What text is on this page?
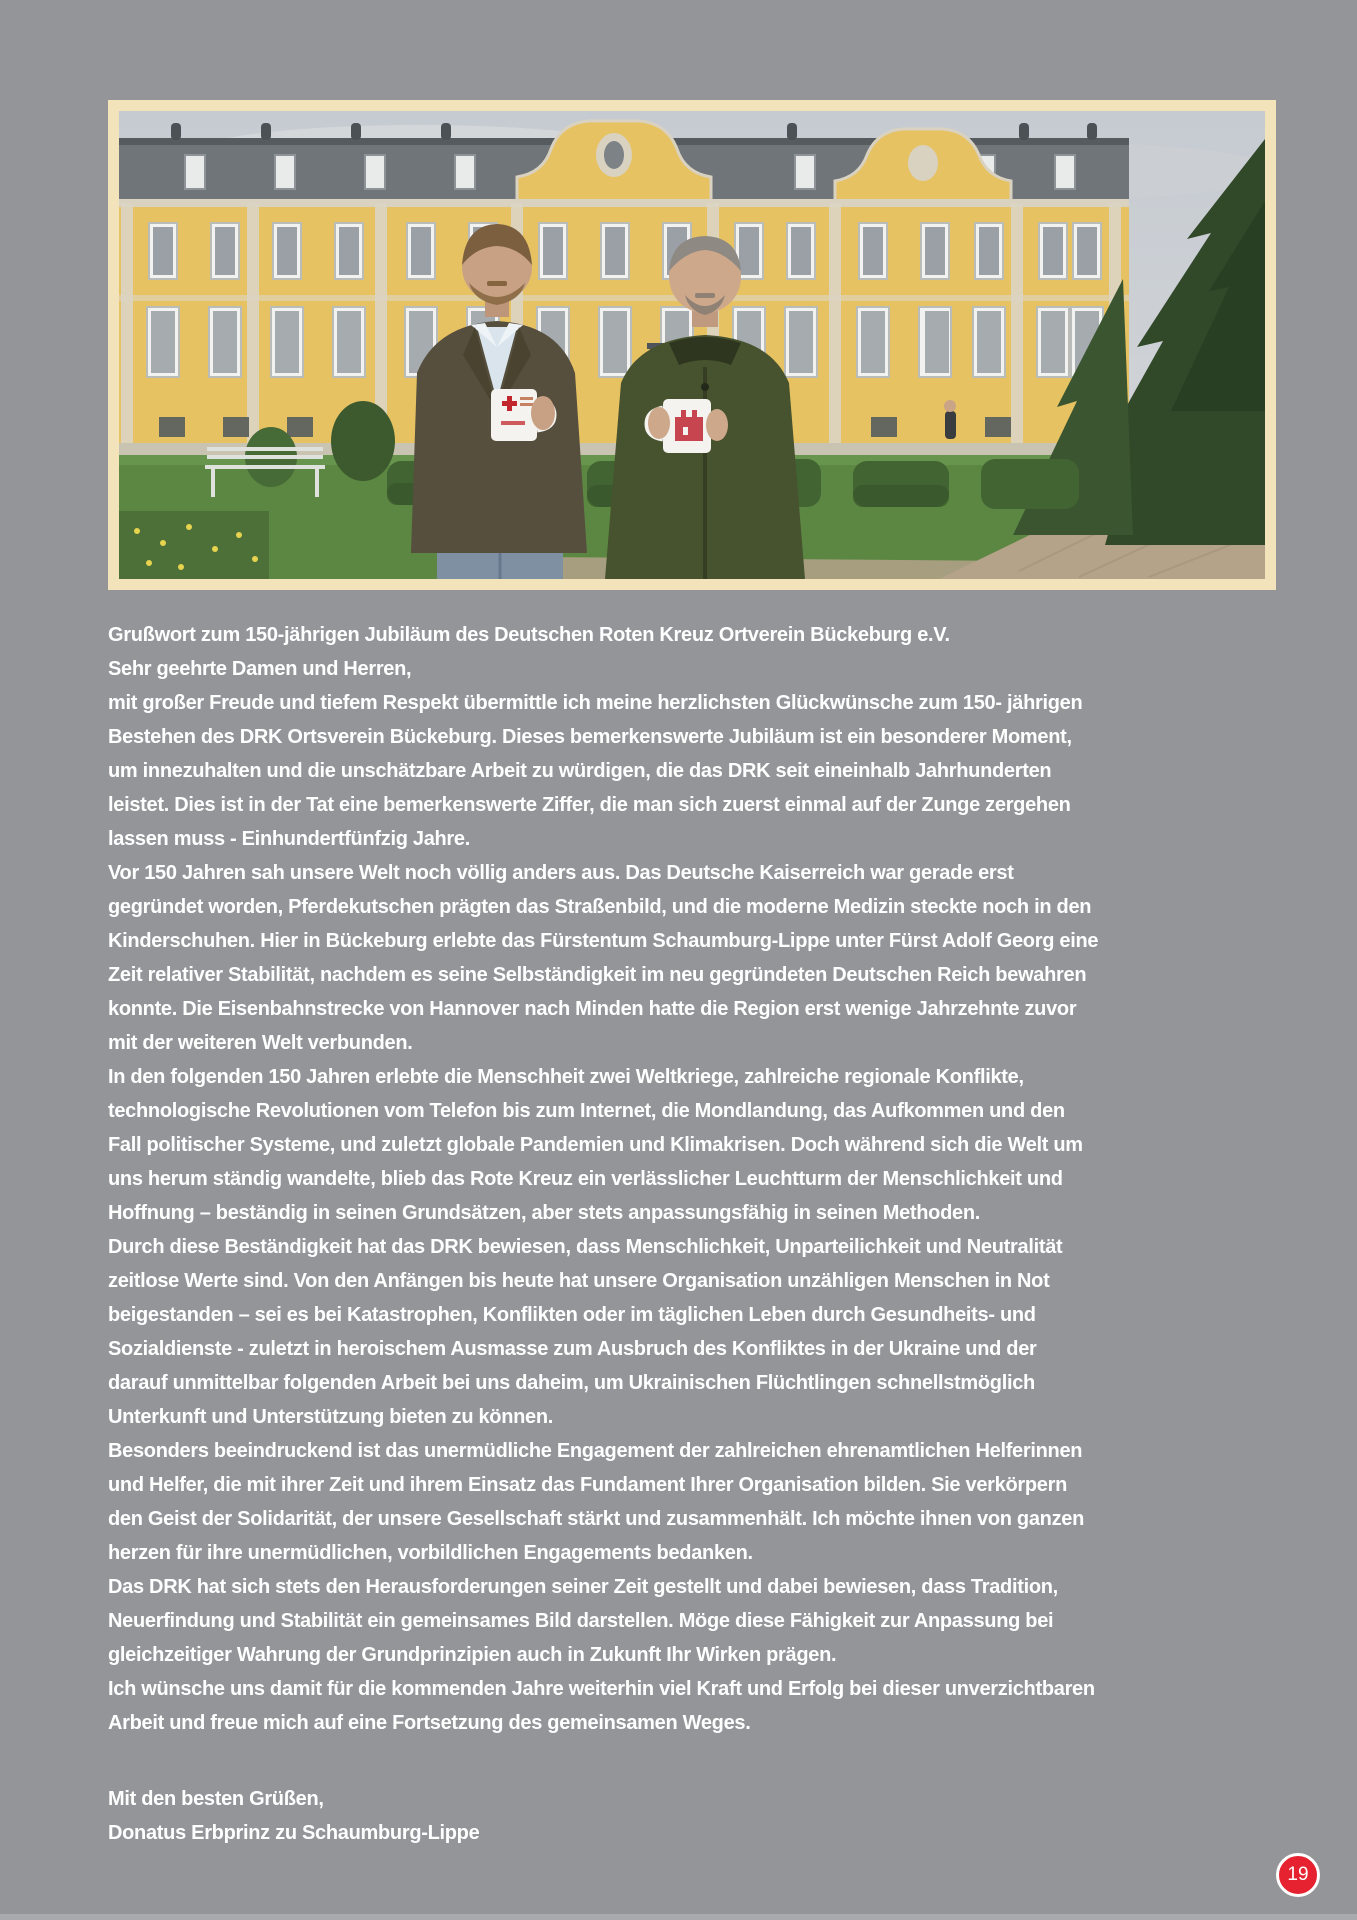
Grußwort zum 150-jährigen Jubiläum des Deutschen Roten Kreuz Ortverein Bückeburg e.V.

Sehr geehrte Damen und Herren,

mit großer Freude und tiefem Respekt übermittle ich meine herzlichsten Glückwünsche zum 150- jährigen

Bestehen des DRK Ortsverein Bückeburg. Dieses bemerkenswerte Jubiläum ist ein besonderer Moment,

um innezuhalten und die unschätzbare Arbeit zu würdigen, die das DRK seit eineinhalb Jahrhunderten

leistet. Dies ist in der Tat eine bemerkenswerte Ziffer, die man sich zuerst einmal auf der Zunge zergehen

lassen muss - Einhundertfünfzig Jahre.

Vor 150 Jahren sah unsere Welt noch völlig anders aus. Das Deutsche Kaiserreich war gerade erst

gegründet worden, Pferdekutschen prägten das Straßenbild, und die moderne Medizin steckte noch in den

Kinderschuhen. Hier in Bückeburg erlebte das Fürstentum Schaumburg-Lippe unter Fürst Adolf Georg eine

Zeit relativer Stabilität, nachdem es seine Selbständigkeit im neu gegründeten Deutschen Reich bewahren

konnte. Die Eisenbahnstrecke von Hannover nach Minden hatte die Region erst wenige Jahrzehnte zuvor

mit der weiteren Welt verbunden.

In den folgenden 150 Jahren erlebte die Menschheit zwei Weltkriege, zahlreiche regionale Konflikte,

technologische Revolutionen vom Telefon bis zum Internet, die Mondlandung, das Aufkommen und den

Fall politischer Systeme, und zuletzt globale Pandemien und Klimakrisen. Doch während sich die Welt um

uns herum ständig wandelte, blieb das Rote Kreuz ein verlässlicher Leuchtturm der Menschlichkeit und

Hoffnung – beständig in seinen Grundsätzen, aber stets anpassungsfähig in seinen Methoden.

Durch diese Beständigkeit hat das DRK bewiesen, dass Menschlichkeit, Unparteilichkeit und Neutralität

zeitlose Werte sind. Von den Anfängen bis heute hat unsere Organisation unzähligen Menschen in Not

beigestanden – sei es bei Katastrophen, Konflikten oder im täglichen Leben durch Gesundheits- und

Sozialdienste - zuletzt in heroischem Ausmasse zum Ausbruch des Konfliktes in der Ukraine und der

darauf unmittelbar folgenden Arbeit bei uns daheim, um Ukrainischen Flüchtlingen schnellstmöglich

Unterkunft und Unterstützung bieten zu können.

Besonders beeindruckend ist das unermüdliche Engagement der zahlreichen ehrenamtlichen Helferinnen

und Helfer, die mit ihrer Zeit und ihrem Einsatz das Fundament Ihrer Organisation bilden. Sie verkörpern

den Geist der Solidarität, der unsere Gesellschaft stärkt und zusammenhält. Ich möchte ihnen von ganzen

herzen für ihre unermüdlichen, vorbildlichen Engagements bedanken.

Das DRK hat sich stets den Herausforderungen seiner Zeit gestellt und dabei bewiesen, dass Tradition,

Neuerfindung und Stabilität ein gemeinsames Bild darstellen. Möge diese Fähigkeit zur Anpassung bei

gleichzeitiger Wahrung der Grundprinzipien auch in Zukunft Ihr Wirken prägen.

Ich wünsche uns damit für die kommenden Jahre weiterhin viel Kraft und Erfolg bei dieser unverzichtbaren

Arbeit und freue mich auf eine Fortsetzung des gemeinsamen Weges.

Mit den besten Grüßen,

Donatus Erbprinz zu Schaumburg-Lippe

19
